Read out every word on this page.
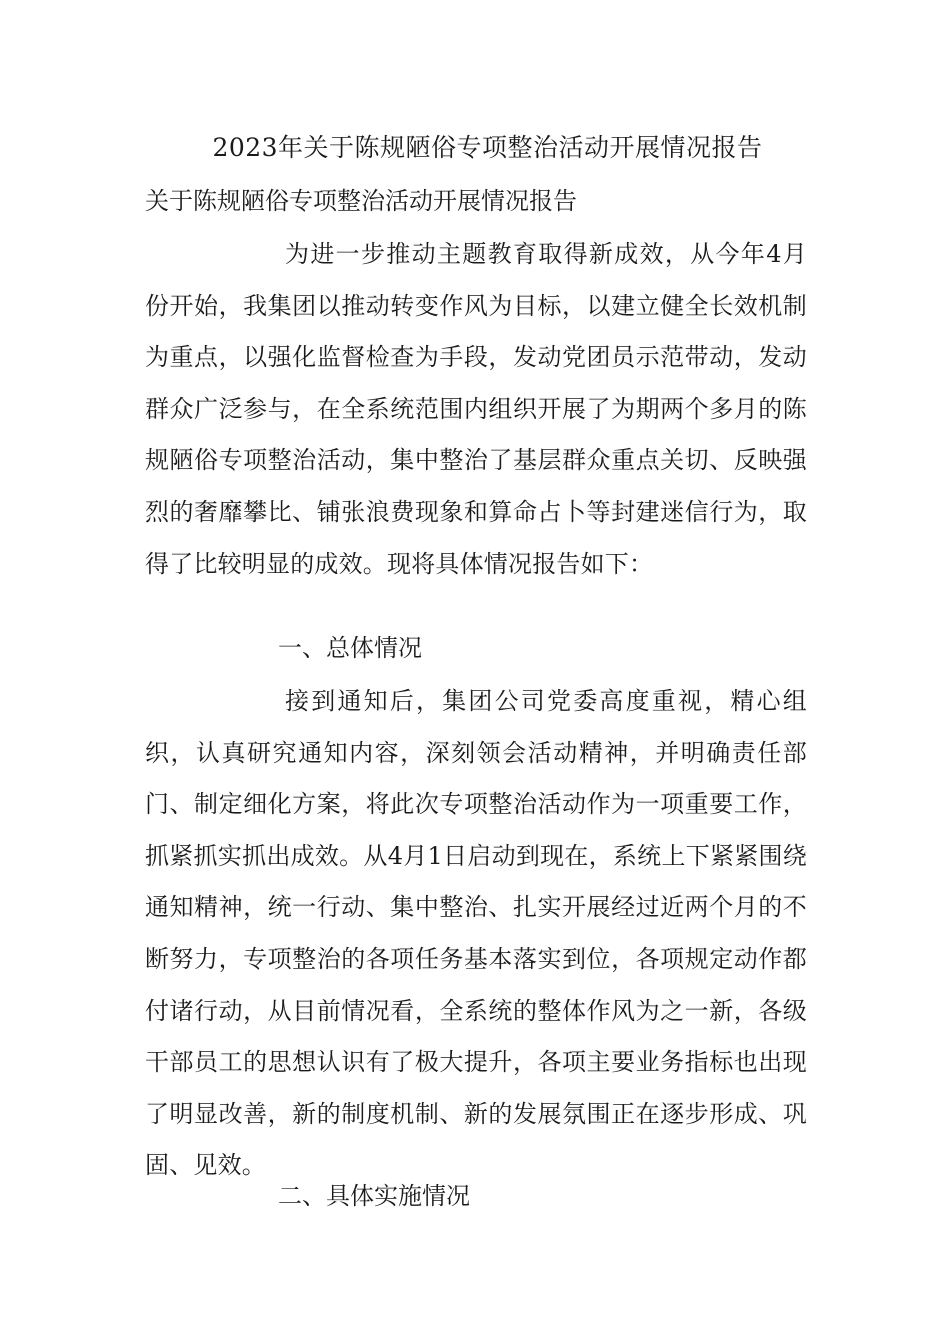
2023年关于陈规陋俗专项整治活动开展情况报告
关于陈规陋俗专项整治活动开展情况报告
为进一步推动主题教育取得新成效，从今年4月份开始，我集团以推动转变作风为目标，以建立健全长效机制为重点，以强化监督检查为手段，发动党团员示范带动，发动群众广泛参与，在全系统范围内组织开展了为期两个多月的陈规陋俗专项整治活动，集中整治了基层群众重点关切、反映强烈的奢靡攀比、铺张浪费现象和算命占卜等封建迷信行为，取得了比较明显的成效。现将具体情况报告如下：
一、总体情况
接到通知后，集团公司党委高度重视，精心组织，认真研究通知内容，深刻领会活动精神，并明确责任部门、制定细化方案，将此次专项整治活动作为一项重要工作，抓紧抓实抓出成效。从4月1日启动到现在，系统上下紧紧围绕通知精神，统一行动、集中整治、扎实开展经过近两个月的不断努力，专项整治的各项任务基本落实到位，各项规定动作都付诸行动，从目前情况看，全系统的整体作风为之一新，各级干部员工的思想认识有了极大提升，各项主要业务指标也出现了明显改善，新的制度机制、新的发展氛围正在逐步形成、巩固、见效。
二、具体实施情况
